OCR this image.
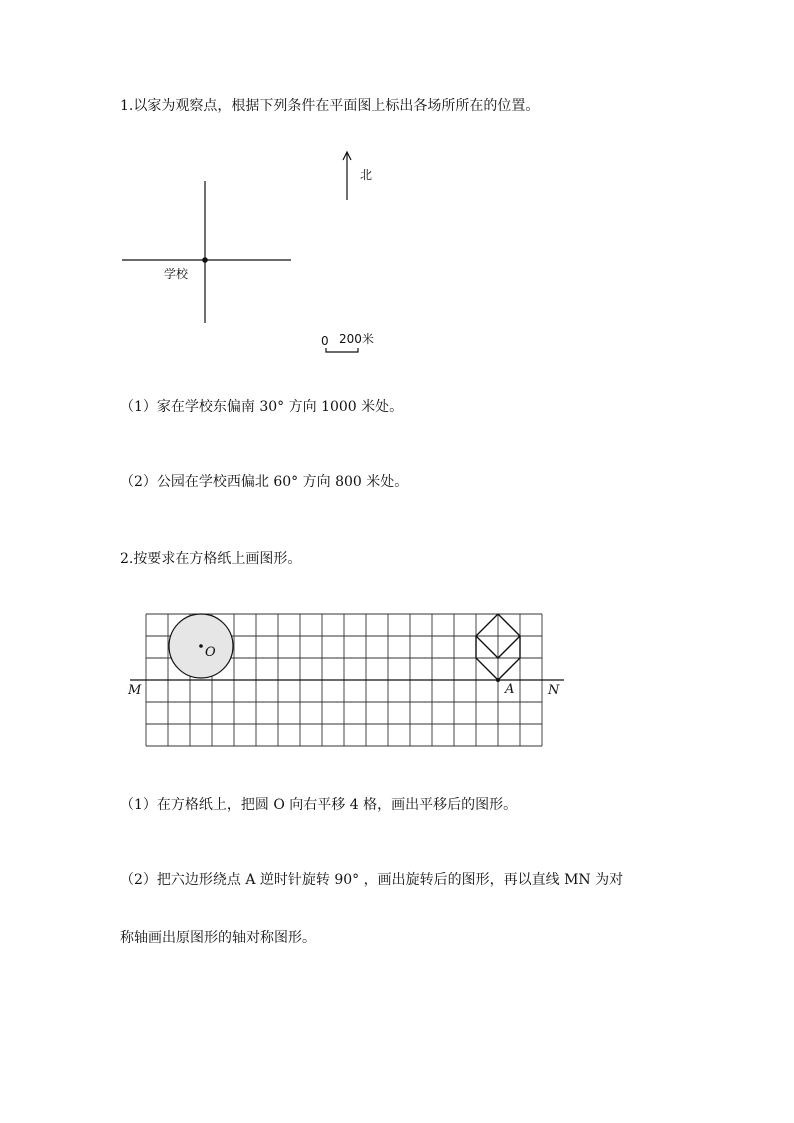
1.以家为观察点，根据下列条件在平面图上标出各场所所在的位置。
北
学校
0 200米
O
M	N
A
（1）家在学校东偏南 30° 方向 1000 米处。
（2）公园在学校西偏北 60° 方向 800 米处。
2.按要求在方格纸上画图形。
（1）在方格纸上，把圆 O 向右平移 4 格，画出平移后的图形。
（2）把六边形绕点 A 逆时针旋转 90° ，画出旋转后的图形，再以直线 MN 为对
称轴画出原图形的轴对称图形。
